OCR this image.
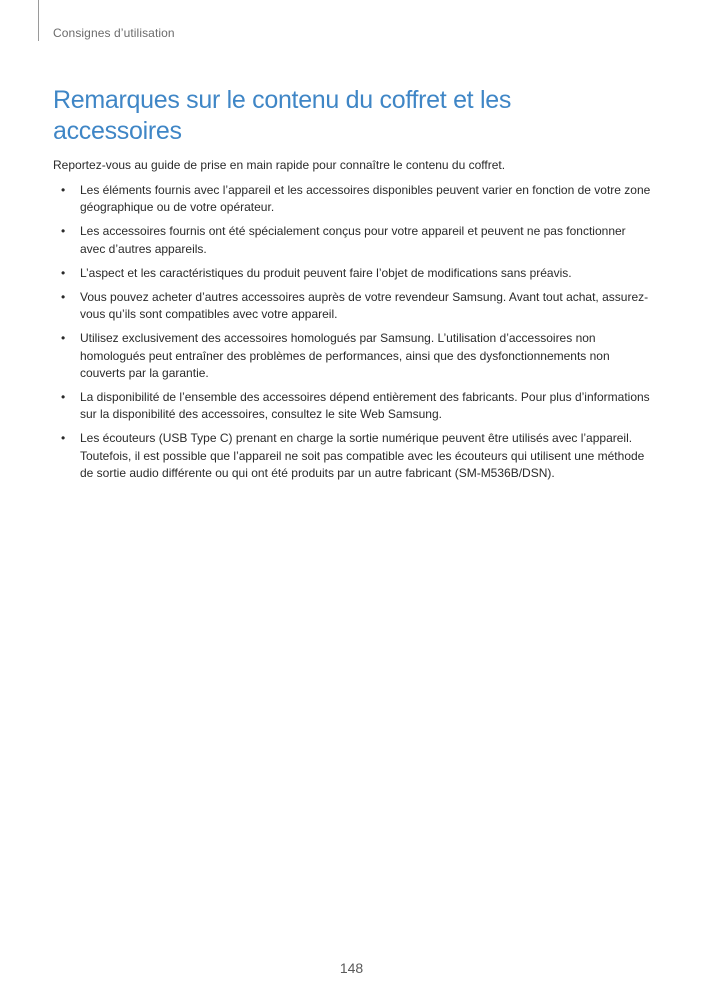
Consignes d’utilisation
Remarques sur le contenu du coffret et les accessoires

Reportez-vous au guide de prise en main rapide pour connaître le contenu du coffret.

• Les éléments fournis avec l’appareil et les accessoires disponibles peuvent varier en fonction de votre zone géographique ou de votre opérateur.
• Les accessoires fournis ont été spécialement conçus pour votre appareil et peuvent ne pas fonctionner avec d’autres appareils.
• L’aspect et les caractéristiques du produit peuvent faire l’objet de modifications sans préavis.
• Vous pouvez acheter d’autres accessoires auprès de votre revendeur Samsung. Avant tout achat, assurez-vous qu’ils sont compatibles avec votre appareil.
• Utilisez exclusivement des accessoires homologués par Samsung. L’utilisation d’accessoires non homologués peut entraîner des problèmes de performances, ainsi que des dysfonctionnements non couverts par la garantie.
• La disponibilité de l’ensemble des accessoires dépend entièrement des fabricants. Pour plus d’informations sur la disponibilité des accessoires, consultez le site Web Samsung.
• Les écouteurs (USB Type C) prenant en charge la sortie numérique peuvent être utilisés avec l’appareil. Toutefois, il est possible que l’appareil ne soit pas compatible avec les écouteurs qui utilisent une méthode de sortie audio différente ou qui ont été produits par un autre fabricant (SM-M536B/DSN).
148
